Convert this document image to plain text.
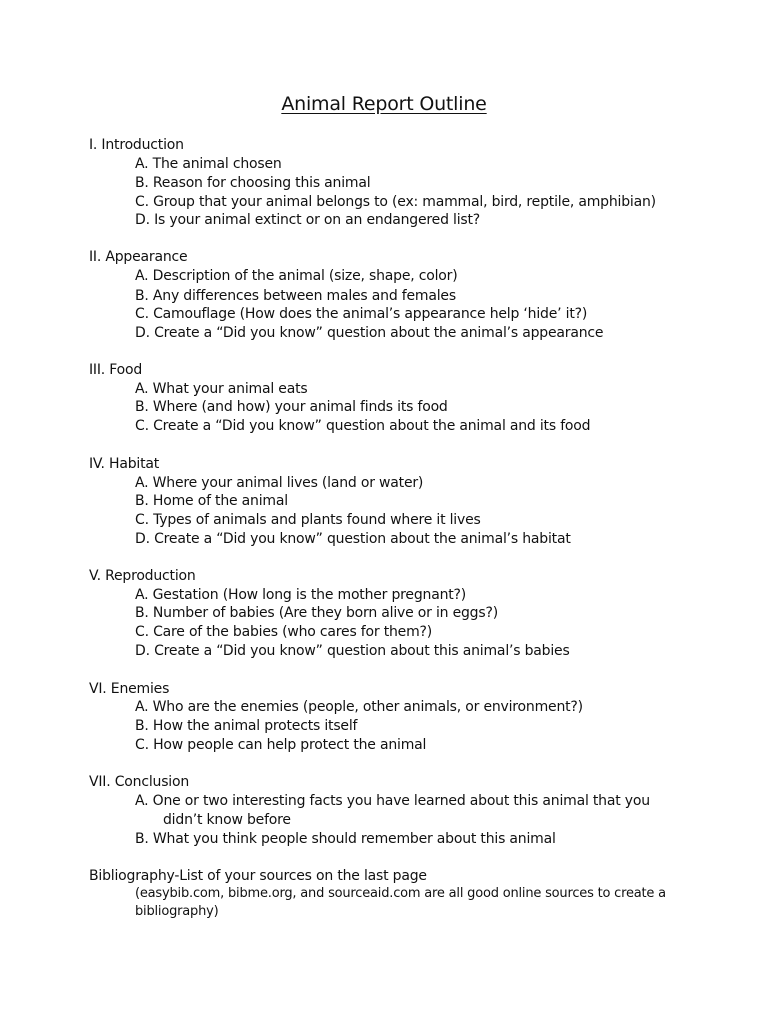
Animal Report Outline
I. Introduction
A. The animal chosen
B. Reason for choosing this animal
C. Group that your animal belongs to (ex: mammal, bird, reptile, amphibian)
D. Is your animal extinct or on an endangered list?
II. Appearance
A. Description of the animal (size, shape, color)
B. Any differences between males and females
C. Camouflage (How does the animal’s appearance help ‘hide’ it?)
D. Create a “Did you know” question about the animal’s appearance
III. Food
A. What your animal eats
B. Where (and how) your animal finds its food
C. Create a “Did you know” question about the animal and its food
IV. Habitat
A. Where your animal lives (land or water)
B. Home of the animal
C. Types of animals and plants found where it lives
D. Create a “Did you know” question about the animal’s habitat
V. Reproduction
A. Gestation (How long is the mother pregnant?)
B. Number of babies (Are they born alive or in eggs?)
C. Care of the babies (who cares for them?)
D. Create a “Did you know” question about this animal’s babies
VI. Enemies
A. Who are the enemies (people, other animals, or environment?)
B. How the animal protects itself
C. How people can help protect the animal
VII. Conclusion
A. One or two interesting facts you have learned about this animal that you
didn’t know before
B. What you think people should remember about this animal
Bibliography-List of your sources on the last page
(easybib.com, bibme.org, and sourceaid.com are all good online sources to create a
bibliography)
